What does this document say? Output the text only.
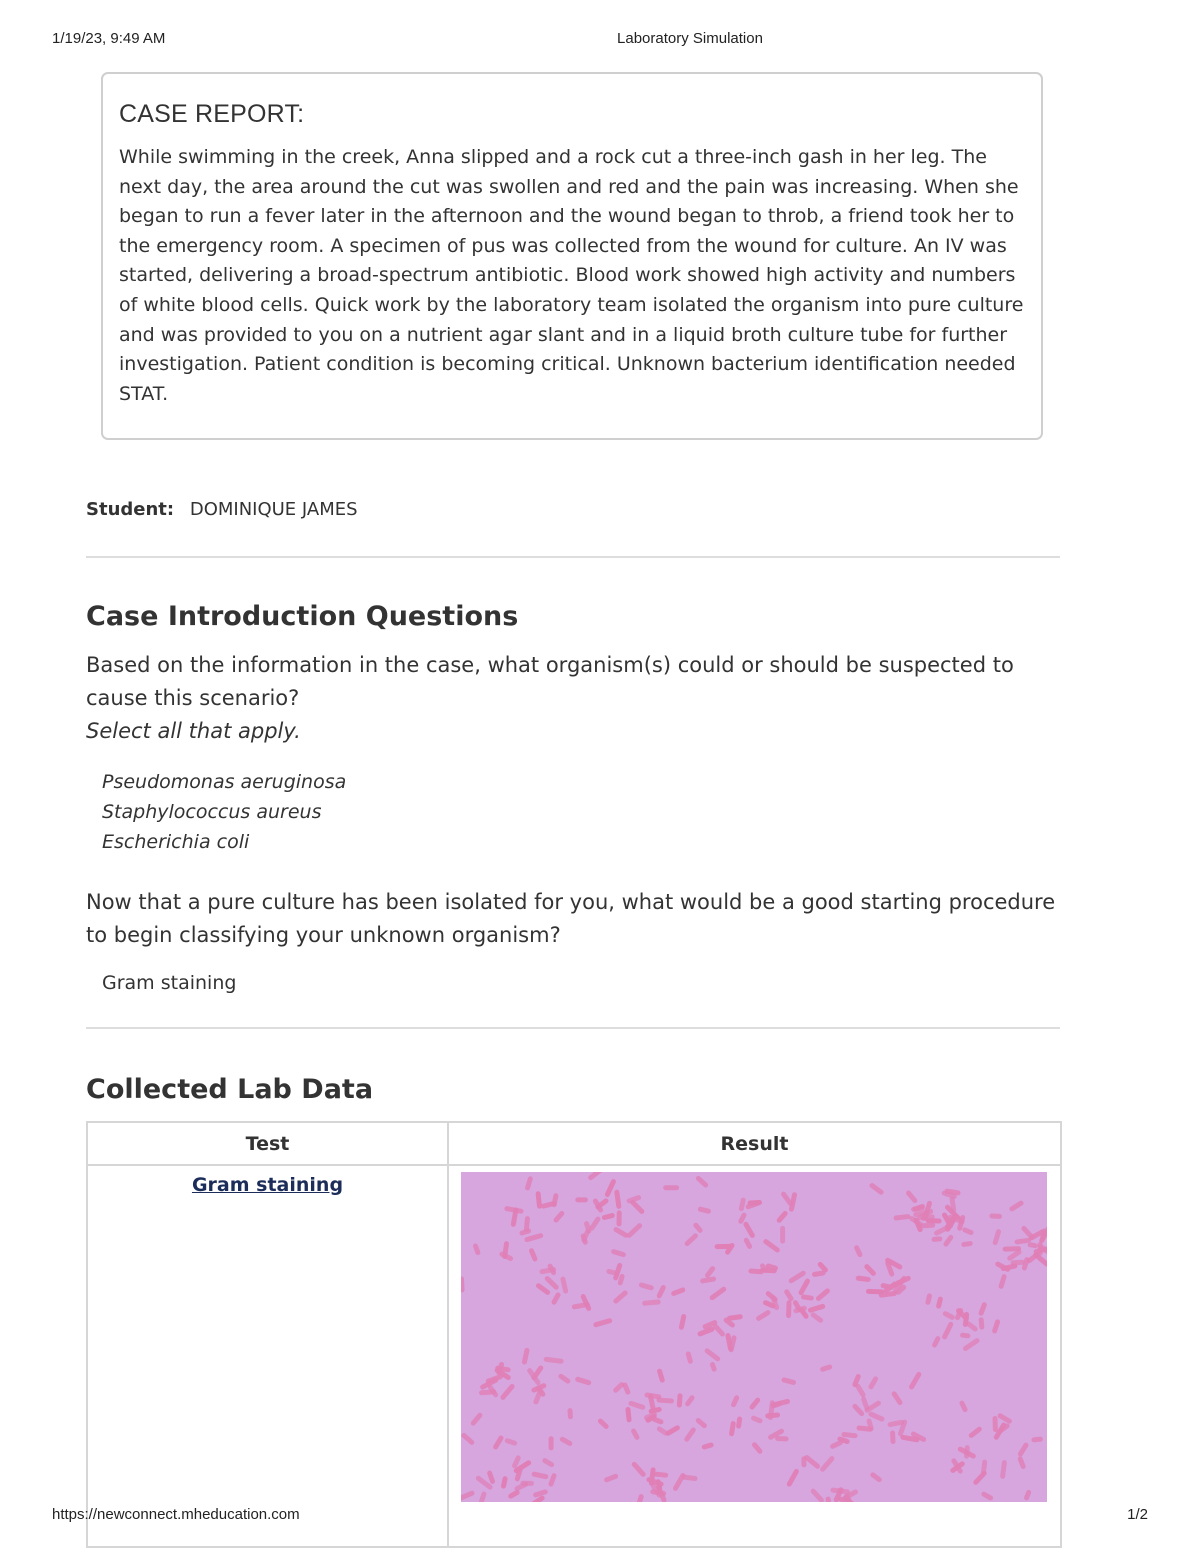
1/19/23, 9:49 AM	Laboratory Simulation
CASE REPORT:

While swimming in the creek, Anna slipped and a rock cut a three-inch gash in her leg. The next day, the area around the cut was swollen and red and the pain was increasing. When she began to run a fever later in the afternoon and the wound began to throb, a friend took her to the emergency room. A specimen of pus was collected from the wound for culture. An IV was started, delivering a broad-spectrum antibiotic. Blood work showed high activity and numbers of white blood cells. Quick work by the laboratory team isolated the organism into pure culture and was provided to you on a nutrient agar slant and in a liquid broth culture tube for further investigation. Patient condition is becoming critical. Unknown bacterium identification needed STAT.

Student: DOMINIQUE JAMES
Case Introduction Questions
Based on the information in the case, what organism(s) could or should be suspected to cause this scenario?
Select all that apply.
Pseudomonas aeruginosa
Staphylococcus aureus
Escherichia coli
Now that a pure culture has been isolated for you, what would be a good starting procedure to begin classifying your unknown organism?
Gram staining
Collected Lab Data
Test	Result

Gram staining

https://newconnect.mheducation.com	1/2
